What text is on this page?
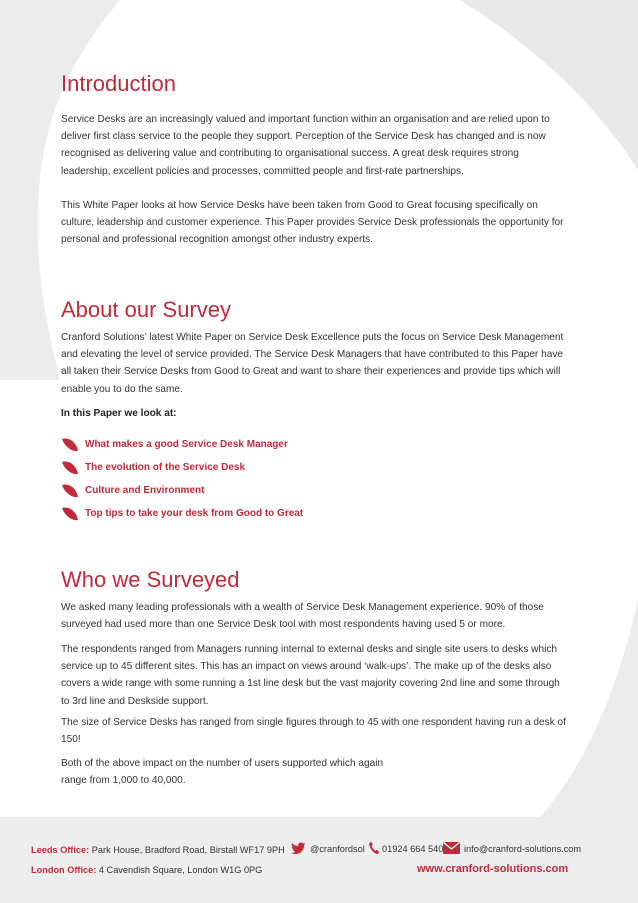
Introduction

Service Desks are an increasingly valued and important function within an organisation and are relied upon to deliver first class service to the people they support. Perception of the Service Desk has changed and is now recognised as delivering value and contributing to organisational success. A great desk requires strong leadership, excellent policies and processes, committed people and first-rate partnerships.

This White Paper looks at how Service Desks have been taken from Good to Great focusing specifically on culture, leadership and customer experience. This Paper provides Service Desk professionals the opportunity for personal and professional recognition amongst other industry experts.

About our Survey

Cranford Solutions’ latest White Paper on Service Desk Excellence puts the focus on Service Desk Management and elevating the level of service provided. The Service Desk Managers that have contributed to this Paper have all taken their Service Desks from Good to Great and want to share their experiences and provide tips which will enable you to do the same.

In this Paper we look at:
What makes a good Service Desk Manager
The evolution of the Service Desk
Culture and Environment
Top tips to take your desk from Good to Great
Who we Surveyed

We asked many leading professionals with a wealth of Service Desk Management experience. 90% of those surveyed had used more than one Service Desk tool with most respondents having used 5 or more.

The respondents ranged from Managers running internal to external desks and single site users to desks which service up to 45 different sites. This has an impact on views around ‘walk-ups’. The make up of the desks also covers a wide range with some running a 1st line desk but the vast majority covering 2nd line and some through to 3rd line and Deskside support.

The size of Service Desks has ranged from single figures through to 45 with one respondent having run a desk of 150!

Both of the above impact on the number of users supported which again range from 1,000 to 40,000.

Leeds Office: Park House, Bradford Road, Birstall WF17 9PH
London Office: 4 Cavendish Square, London W1G 0PG
@cranfordsol 01924 664 540 info@cranford-solutions.com
www.cranford-solutions.com
